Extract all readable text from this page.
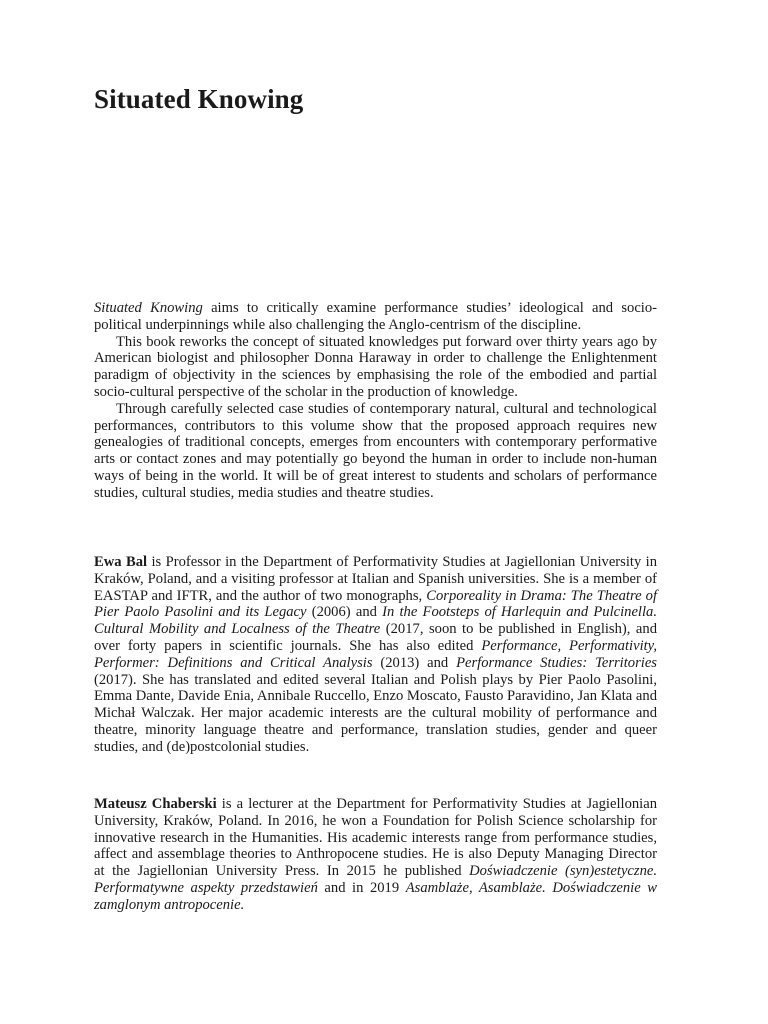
Situated Knowing

Situated Knowing aims to critically examine performance studies’ ideological and socio-political underpinnings while also challenging the Anglo-centrism of the discipline.

This book reworks the concept of situated knowledges put forward over thirty years ago by American biologist and philosopher Donna Haraway in order to challenge the Enlightenment paradigm of objectivity in the sciences by emphasising the role of the embodied and partial socio-cultural perspective of the scholar in the production of knowledge.

Through carefully selected case studies of contemporary natural, cultural and technological performances, contributors to this volume show that the proposed approach requires new genealogies of traditional concepts, emerges from encounters with contemporary performative arts or contact zones and may potentially go beyond the human in order to include non-human ways of being in the world. It will be of great interest to students and scholars of performance studies, cultural studies, media studies and theatre studies.

Ewa Bal is Professor in the Department of Performativity Studies at Jagiellonian University in Kraków, Poland, and a visiting professor at Italian and Spanish universities. She is a member of EASTAP and IFTR, and the author of two monographs, Corporeality in Drama: The Theatre of Pier Paolo Pasolini and its Legacy (2006) and In the Footsteps of Harlequin and Pulcinella. Cultural Mobility and Localness of the Theatre (2017, soon to be published in English), and over forty papers in scientific journals. She has also edited Performance, Performativity, Performer: Definitions and Critical Analysis (2013) and Performance Studies: Territories (2017). She has translated and edited several Italian and Polish plays by Pier Paolo Pasolini, Emma Dante, Davide Enia, Annibale Ruccello, Enzo Moscato, Fausto Paravidino, Jan Klata and Michał Walczak. Her major academic interests are the cultural mobility of performance and theatre, minority language theatre and performance, translation studies, gender and queer studies, and (de)postcolonial studies.

Mateusz Chaberski is a lecturer at the Department for Performativity Studies at Jagiellonian University, Kraków, Poland. In 2016, he won a Foundation for Polish Science scholarship for innovative research in the Humanities. His academic interests range from performance studies, affect and assemblage theories to Anthropocene studies. He is also Deputy Managing Director at the Jagiellonian University Press. In 2015 he published Doświadczenie (syn)estetyczne. Performatywne aspekty przedstawień and in 2019 Asamblaże, Asamblaże. Doświadczenie w zamglonym antropocenie.
